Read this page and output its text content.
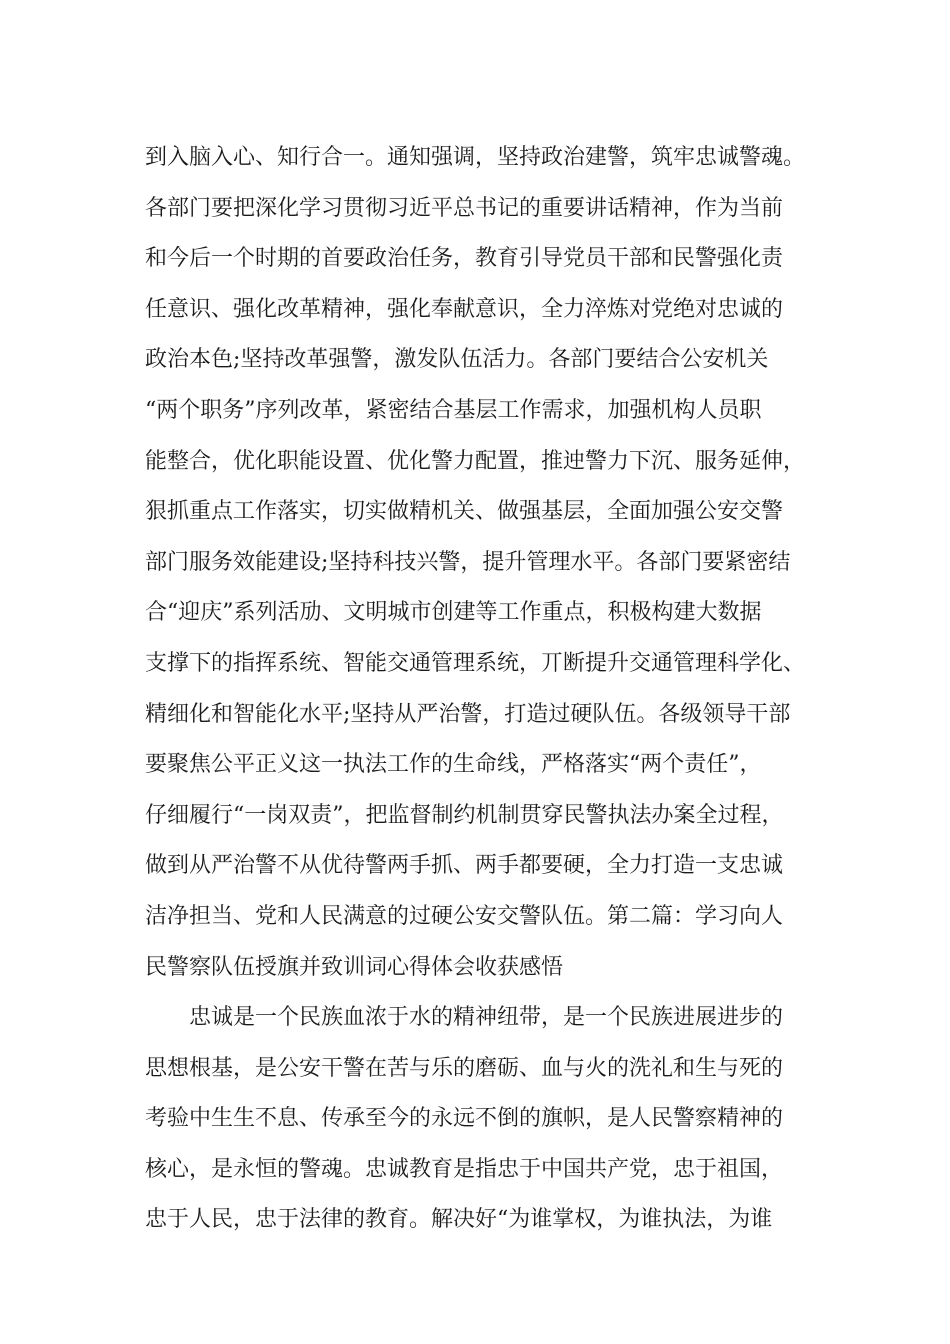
到入脑入心、知行合一。通知强调，坚持政治建警，筑牢忠诚警魂。
各部门要把深化学习贯彻习近平总书记的重要讲话精神，作为当前
和今后一个时期的首要政治任务，教育引导党员干部和民警强化责
任意识、强化改革精神，强化奉献意识，全力淬炼对党绝对忠诚的
政治本色;坚持改革强警，激发队伍活力。各部门要结合公安机关
“两个职务”序列改革，紧密结合基层工作需求，加强机构人员职
能整合，优化职能设置、优化警力配置，推迚警力下沉、服务延伸，
狠抓重点工作落实，切实做精机关、做强基层，全面加强公安交警
部门服务效能建设;坚持科技兴警，提升管理水平。各部门要紧密结
合“迎庆”系列活劢、文明城市创建等工作重点，积极构建大数据
支撑下的指挥系统、智能交通管理系统，丌断提升交通管理科学化、
精细化和智能化水平;坚持从严治警，打造过硬队伍。各级领导干部
要聚焦公平正义这一执法工作的生命线，严格落实“两个责任”，
仔细履行“一岗双责”，把监督制约机制贯穿民警执法办案全过程，
做到从严治警不从优待警两手抓、两手都要硬，全力打造一支忠诚
洁净担当、党和人民满意的过硬公安交警队伍。第二篇：学习向人
民警察队伍授旗并致训词心得体会收获感悟
忠诚是一个民族血浓于水的精神纽带，是一个民族进展进步的
思想根基，是公安干警在苦与乐的磨砺、血与火的洗礼和生与死的
考验中生生不息、传承至今的永远不倒的旗帜，是人民警察精神的
核心，是永恒的警魂。忠诚教育是指忠于中国共产党，忠于祖国，
忠于人民，忠于法律的教育。解决好“为谁掌权，为谁执法，为谁
